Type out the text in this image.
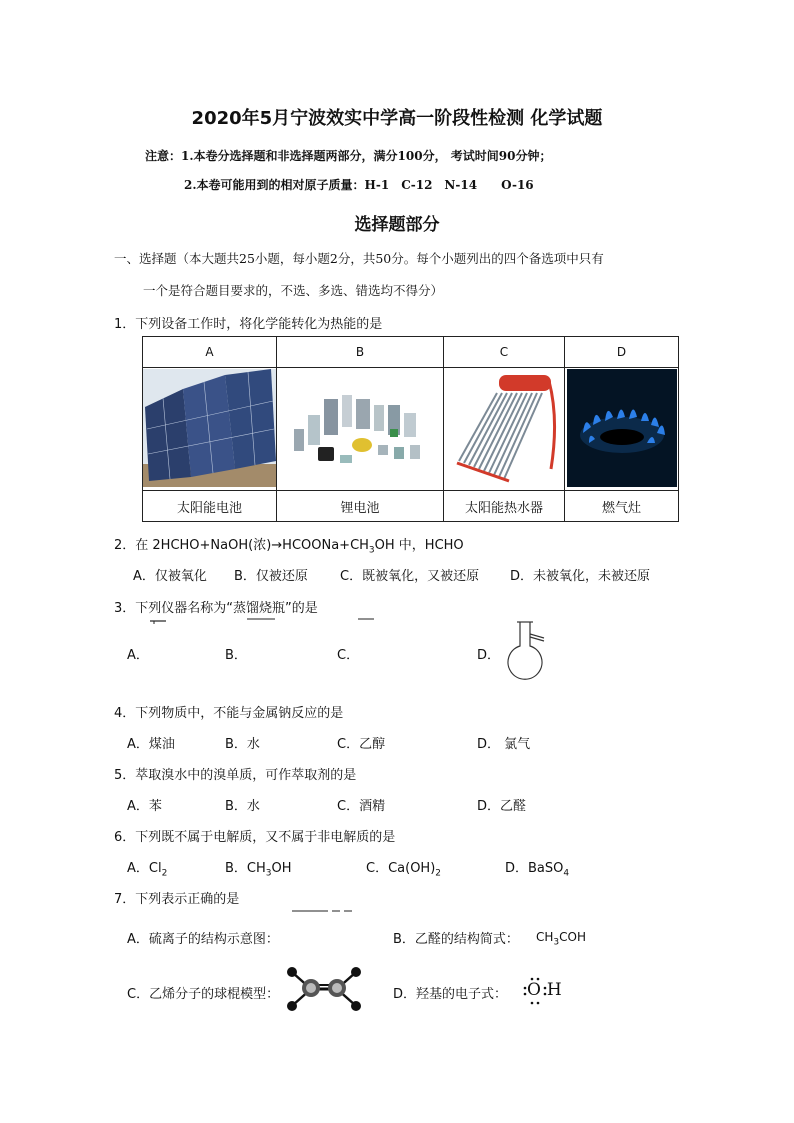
2020年5月宁波效实中学高一阶段性检测 化学试题
注意：1.本卷分选择题和非选择题两部分，满分100分， 考试时间90分钟；
2.本卷可能用到的相对原子质量：H-1　C-12　N-14　　O-16
选择题部分
一、选择题（本大题共25小题，每小题2分，共50分。每个小题列出的四个备选项中只有
一个是符合题目要求的，不选、多选、错选均不得分）
1．下列设备工作时，将化学能转化为热能的是
A	B	C	D

太阳能电池	锂电池	太阳能热水器	燃气灶
2．在 2HCHO+NaOH(浓)$\to HCOONa+CH_3OH$ 中，HCHO
A．仅被氧化 B．仅被还原 C．既被氧化，又被还原 D．未被氧化，未被还原
3．下列仪器名称为“蒸馏烧瓶”的是
A．	B．	C．	D．
4．下列物质中，不能与金属钠反应的是
A．煤油	B．水	C．乙醇	D． 氯气
5．萃取溴水中的溴单质，可作萃取剂的是
A．苯	B．水	C．酒精	D．乙醛
6．下列既不属于电解质，又不属于非电解质的是
A．$Cl_2$	B．$CH_3OH$	C．$Ca(OH)_2$	D．BaSO$_4$
7．下列表示正确的是
A．硫离子的结构示意图：	B．乙醛的结构简式： $CH_3COH$
C．乙烯分子的球棍模型：	D．羟基的电子式： OH
